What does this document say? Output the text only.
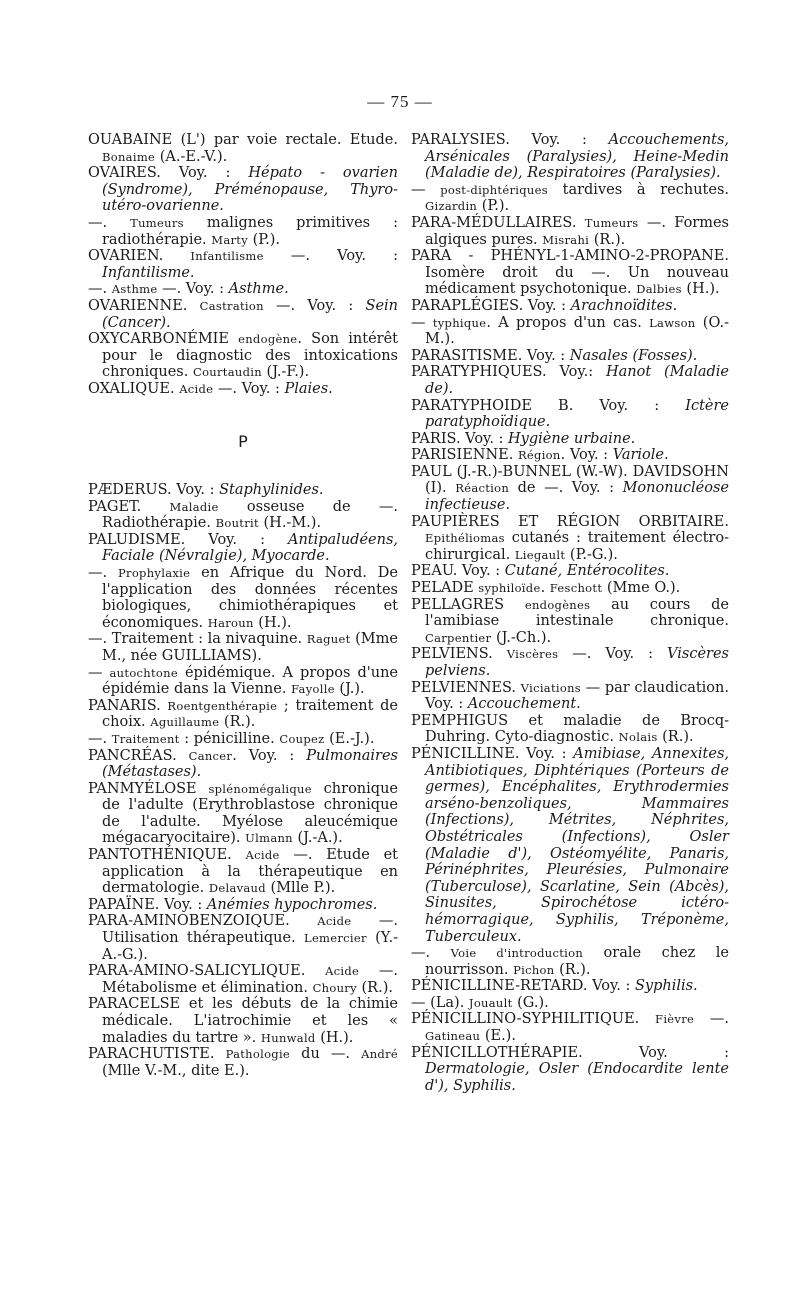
— 75 —
OUABAINE (L') par voie rectale. Etude. Bonaime (A.-E.-V.).
OVAIRES. Voy. : Hépato - ovarien (Syndrome), Préménopause, Thyro-utéro-ovarienne.
—. Tumeurs malignes primitives : radiothérapie. Marty (P.).
OVARIEN. Infantilisme —. Voy. : Infantilisme.
—. Asthme —. Voy. : Asthme.
OVARIENNE. Castration —. Voy. : Sein (Cancer).
OXYCARBONÉMIE endogène. Son intérêt pour le diagnostic des intoxications chroniques. Courtaudin (J.-F.).
OXALIQUE. Acide —. Voy. : Plaies.
P
PÆDERUS. Voy. : Staphylinides.
PAGET. Maladie osseuse de —. Radiothérapie. Boutrit (H.-M.).
PALUDISME. Voy. : Antipaludéens, Faciale (Névralgie), Myocarde.
—. Prophylaxie en Afrique du Nord. De l'application des données récentes biologiques, chimiothérapiques et économiques. Haroun (H.).
—. Traitement : la nivaquine. Raguet (Mme M., née GUILLIAMS).
— autochtone épidémique. A propos d'une épidémie dans la Vienne. Fayolle (J.).
PANARIS. Roentgenthérapie ; traitement de choix. Aguillaume (R.).
—. Traitement : pénicilline. Coupez (E.-J.).
PANCRÉAS. Cancer. Voy. : Pulmonaires (Métastases).
PANMYÉLOSE splénomégalique chronique de l'adulte (Erythroblastose chronique de l'adulte. Myélose aleucémique mégacaryocitaire). Ulmann (J.-A.).
PANTOTHÉNIQUE. Acide —. Etude et application à la thérapeutique en dermatologie. Delavaud (Mlle P.).
PAPAÏNE. Voy. : Anémies hypochromes.
PARA-AMINOBENZOIQUE. Acide —. Utilisation thérapeutique. Lemercier (Y.-A.-G.).
PARA-AMINO-SALICYLIQUE. Acide —. Métabolisme et élimination. Choury (R.).
PARACELSE et les débuts de la chimie médicale. L'iatrochimie et les « maladies du tartre ». Hunwald (H.).
PARACHUTISTE. Pathologie du —. André (Mlle V.-M., dite E.).
PARALYSIES. Voy. : Accouchements, Arsénicales (Paralysies), Heine-Medin (Maladie de), Respiratoires (Paralysies).
— post-diphtériques tardives à rechutes. Gizardin (P.).
PARA-MÉDULLAIRES. Tumeurs —. Formes algiques pures. Misrahi (R.).
PARA - PHÉNYL-1-AMINO-2-PROPANE. Isomère droit du —. Un nouveau médicament psychotonique. Dalbies (H.).
PARAPLÉGIES. Voy. : Arachnoïdites.
— typhique. A propos d'un cas. Lawson (O.-M.).
PARASITISME. Voy. : Nasales (Fosses).
PARATYPHIQUES. Voy.: Hanot (Maladie de).
PARATYPHOIDE B. Voy. : Ictère paratyphoïdique.
PARIS. Voy. : Hygiène urbaine.
PARISIENNE. Région. Voy. : Variole.
PAUL (J.-R.)-BUNNEL (W.-W). DAVIDSOHN (I). Réaction de —. Voy. : Mononucléose infectieuse.
PAUPIÈRES ET RÉGION ORBITAIRE. Epithéliomas cutanés : traitement électro-chirurgical. Liegault (P.-G.).
PEAU. Voy. : Cutané, Entérocolites.
PELADE syphiloïde. Feschott (Mme O.).
PELLAGRES endogènes au cours de l'amibiase intestinale chronique. Carpentier (J.-Ch.).
PELVIENS. Viscères —. Voy. : Viscères pelviens.
PELVIENNES. Viciations — par claudication. Voy. : Accouchement.
PEMPHIGUS et maladie de Brocq-Duhring. Cyto-diagnostic. Nolais (R.).
PÉNICILLINE. Voy. : Amibiase, Annexites, Antibiotiques, Diphtériques (Porteurs de germes), Encéphalites, Erythrodermies arséno-benzoliques, Mammaires (Infections), Métrites, Néphrites, Obstétricales (Infections), Osler (Maladie d'), Ostéomyélite, Panaris, Périnéphrites, Pleurésies, Pulmonaire (Tuberculose), Scarlatine, Sein (Abcès), Sinusites, Spirochétose ictéro-hémorragique, Syphilis, Tréponème, Tuberculeux.
—. Voie d'introduction orale chez le nourrisson. Pichon (R.).
PÉNICILLINE-RETARD. Voy. : Syphilis.
— (La). Jouault (G.).
PÉNICILLINO-SYPHILITIQUE. Fièvre —. Gatineau (E.).
PÉNICILLOTHÉRAPIE. Voy. : Dermatologie, Osler (Endocardite lente d'), Syphilis.
